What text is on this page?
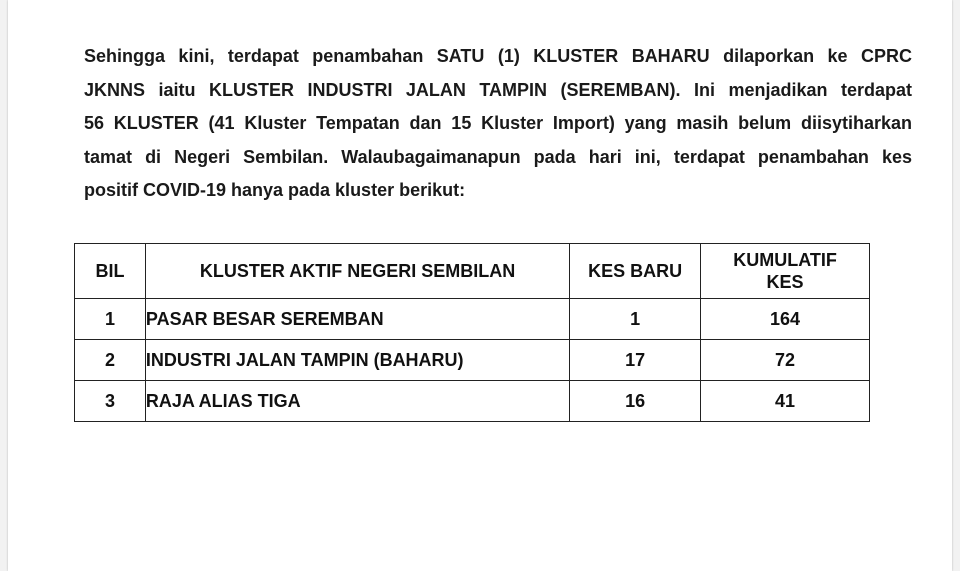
Sehingga kini, terdapat penambahan SATU (1) KLUSTER BAHARU dilaporkan ke CPRC
JKNNS iaitu KLUSTER INDUSTRI JALAN TAMPIN (SEREMBAN). Ini menjadikan terdapat
56 KLUSTER (41 Kluster Tempatan dan 15 Kluster Import) yang masih belum diisytiharkan
tamat di Negeri Sembilan. Walaubagaimanapun pada hari ini, terdapat penambahan kes
positif COVID-19 hanya pada kluster berikut:

BIL	KLUSTER AKTIF NEGERI SEMBILAN	KES BARU	KUMULATIF
KES
1	PASAR BESAR SEREMBAN	1	164
2	INDUSTRI JALAN TAMPIN (BAHARU)	17	72
3	RAJA ALIAS TIGA	16	41
